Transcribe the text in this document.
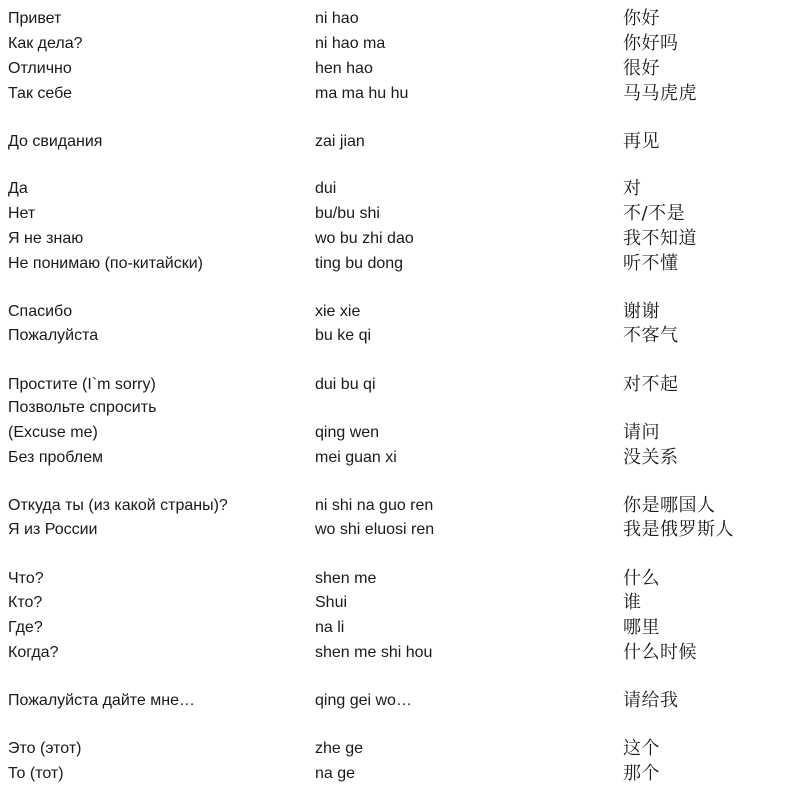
Привет	ni hao	你好
Как дела?	ni hao ma	你好吗
Отлично	hen hao	很好
Так себе	ma ma hu hu	马马虎虎
До свидания	zai jian	再见
Да	dui	对
Нет	bu/bu shi	不/不是
Я не знаю	wo bu zhi dao	我不知道
Не понимаю (по-китайски)	ting bu dong	听不懂
Спасибо	xie xie	谢谢
Пожалуйста	bu ke qi	不客气
Простите (I`m sorry)	dui bu qi	对不起
Позвольте спросить
(Excuse me)	qing wen	请问
Без проблем	mei guan xi	没关系
Откуда ты (из какой страны)?	ni shi na guo ren	你是哪国人
Я из России	wo shi eluosi ren	我是俄罗斯人
Что?	shen me	什么
Кто?	Shui	谁
Где?	na li	哪里
Когда?	shen me shi hou	什么时候
Пожалуйста дайте мне…	qing gei wo…	请给我
Это (этот)	zhe ge	这个
То (тот)	na ge	那个
